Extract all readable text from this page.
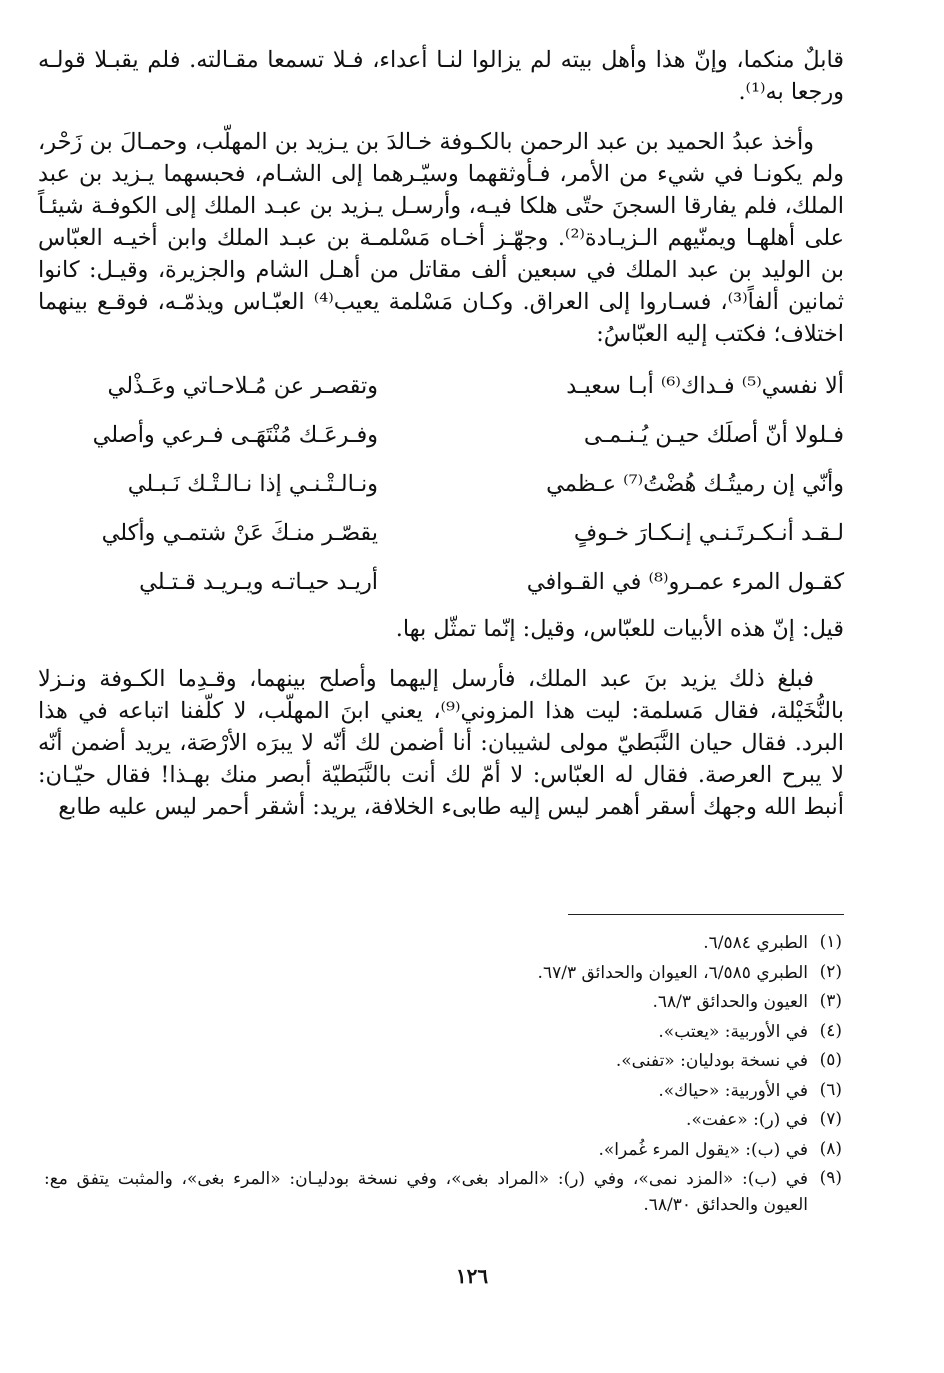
قابلٌ منكما، وإنّ هذا وأهل بيته لم يزالوا لنـا أعداء، فـلا تسمعا مقـالته. فلم يقبـلا قولـه ورجعا به⁽¹⁾.

وأخذ عبدُ الحميد بن عبد الرحمن بالكـوفة خـالدَ بن يـزيد بن المهلّب، وحمـالَ بن زَحْر، ولم يكونـا في شيء من الأمر، فـأوثقهما وسيّـرهما إلى الشـام، فحبسهما يـزيد بن عبد الملك، فلم يفارقا السجنَ حتّى هلكا فيـه، وأرسـل يـزيد بن عبـد الملك إلى الكوفـة شيئـاً على أهلهـا ويمنّيهم الـزيـادة⁽²⁾. وجهّـز أخـاه مَسْلمـة بن عبـد الملك وابن أخيـه العبّاس بن الوليد بن عبد الملك في سبعين ألف مقاتل من أهـل الشام والجزيرة، وقيـل: كانوا ثمانين ألفاً⁽³⁾، فسـاروا إلى العراق. وكـان مَسْلمة يعيب⁽⁴⁾ العبّـاس ويذمّـه، فوقـع بينهما اختلاف؛ فكتب إليه العبّاسُ:

ألا نفسي⁽⁵⁾ فـداك⁽⁶⁾ أبـا سعيـد
وتقصـر عن مُـلاحـاتي وعَـذْلي
فـلولا أنّ أصلَك حيـن يُـنـمـى
وفـرعَـك مُنْتَهَـى فـرعي وأصلي
وأنّي إن رميتُـك هُضْتُ⁽⁷⁾ عـظمي
ونـالـتْـنـي إذا نـالـتْـك نَـبـلي
لـقـد أنـكـرتَـنـي إنـكـارَ خـوفٍ
يقصّـر منـكَ عَنْ شتمـي وأكلي
كقـول المرء عمـرو⁽⁸⁾ في القـوافي
أريـد حيـاتـه ويـريـد قـتـلي

قيل: إنّ هذه الأبيات للعبّاس، وقيل: إنّما تمثّل بها.

فبلغ ذلك يزيد بنَ عبد الملك، فأرسل إليهما وأصلح بينهما، وقـدِما الكـوفة ونـزلا بالنُّخَيْلة، فقال مَسلمة: ليت هذا المزوني⁽⁹⁾، يعني ابنَ المهلّب، لا كلّفنا اتباعه في هذا البرد. فقال حيان النَّبَطيّ مولى لشيبان: أنا أضمن لك أنّه لا يبرَه الأرْصَة، يريد أضمن أنّه لا يبرح العرصة. فقال له العبّاس: لا أمّ لك أنت بالنَّبَطيّة أبصر منك بهـذا! فقال حيّـان: أنبط الله وجهك أسقر أهمر ليس إليه طابىء الخلافة، يريد: أشقر أحمر ليس عليه طابع

(١)
الطبري ٦/٥٨٤.
(٢)
الطبري ٦/٥٨٥، العيوان والحدائق ٦٧/٣.
(٣)
العيون والحدائق ٦٨/٣.
(٤)
في الأوربية: «يعتب».
(٥)
في نسخة بودليان: «تفنى».
(٦)
في الأوربية: «حياك».
(٧)
في (ر): «عفت».
(٨)
في (ب): «يقول المرء غُمرا».
(٩)
في (ب): «المزد نمى»، وفي (ر): «المراد بغى»، وفي نسخة بودليـان: «المرء بغى»، والمثبت يتفق مع: العيون والحدائق ٦٨/٣٠.
١٢٦
